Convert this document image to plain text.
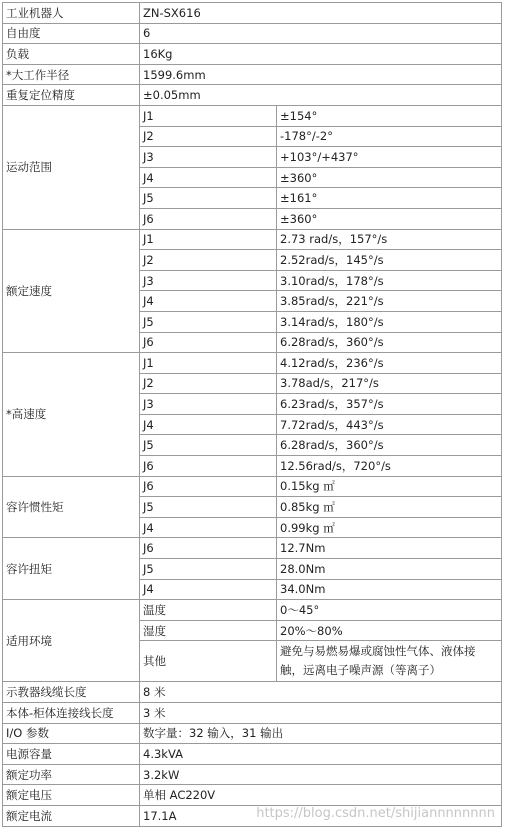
工业机器人	ZN-SX616	
自由度	6	
负载	16Kg	
*大工作半径	1599.6mm	
重复定位精度	±0.05mm	
运动范围	J1	±154°
	J2	-178°/-2°
	J3	+103°/+437°
	J4	±360°
	J5	±161°
	J6	±360°
额定速度	J1	2.73 rad/s，157°/s
	J2	2.52rad/s，145°/s
	J3	3.10rad/s，178°/s
	J4	3.85rad/s，221°/s
	J5	3.14rad/s，180°/s
	J6	6.28rad/s，360°/s
*高速度	J1	4.12rad/s，236°/s
	J2	3.78ad/s，217°/s
	J3	6.23rad/s，357°/s
	J4	7.72rad/s，443°/s
	J5	6.28rad/s，360°/s
	J6	12.56rad/s，720°/s
容许惯性矩	J6	0.15kg ㎡
	J5	0.85kg ㎡
	J4	0.99kg ㎡
容许扭矩	J6	12.7Nm
	J5	28.0Nm
	J4	34.0Nm
适用环境	温度	0～45°
	湿度	20%～80%
	其他	避免与易燃易爆或腐蚀性气体、液体接触，远离电子噪声源（等离子）
示教器线缆长度	8 米	
本体-柜体连接线长度	3 米	
I/O 参数	数字量：32 输入，31 输出	
电源容量	4.3kVA	
额定功率	3.2kW	
额定电压	单相 AC220V	
额定电流	17.1A		https://blog.csdn.net/shijiannnnnnnn
